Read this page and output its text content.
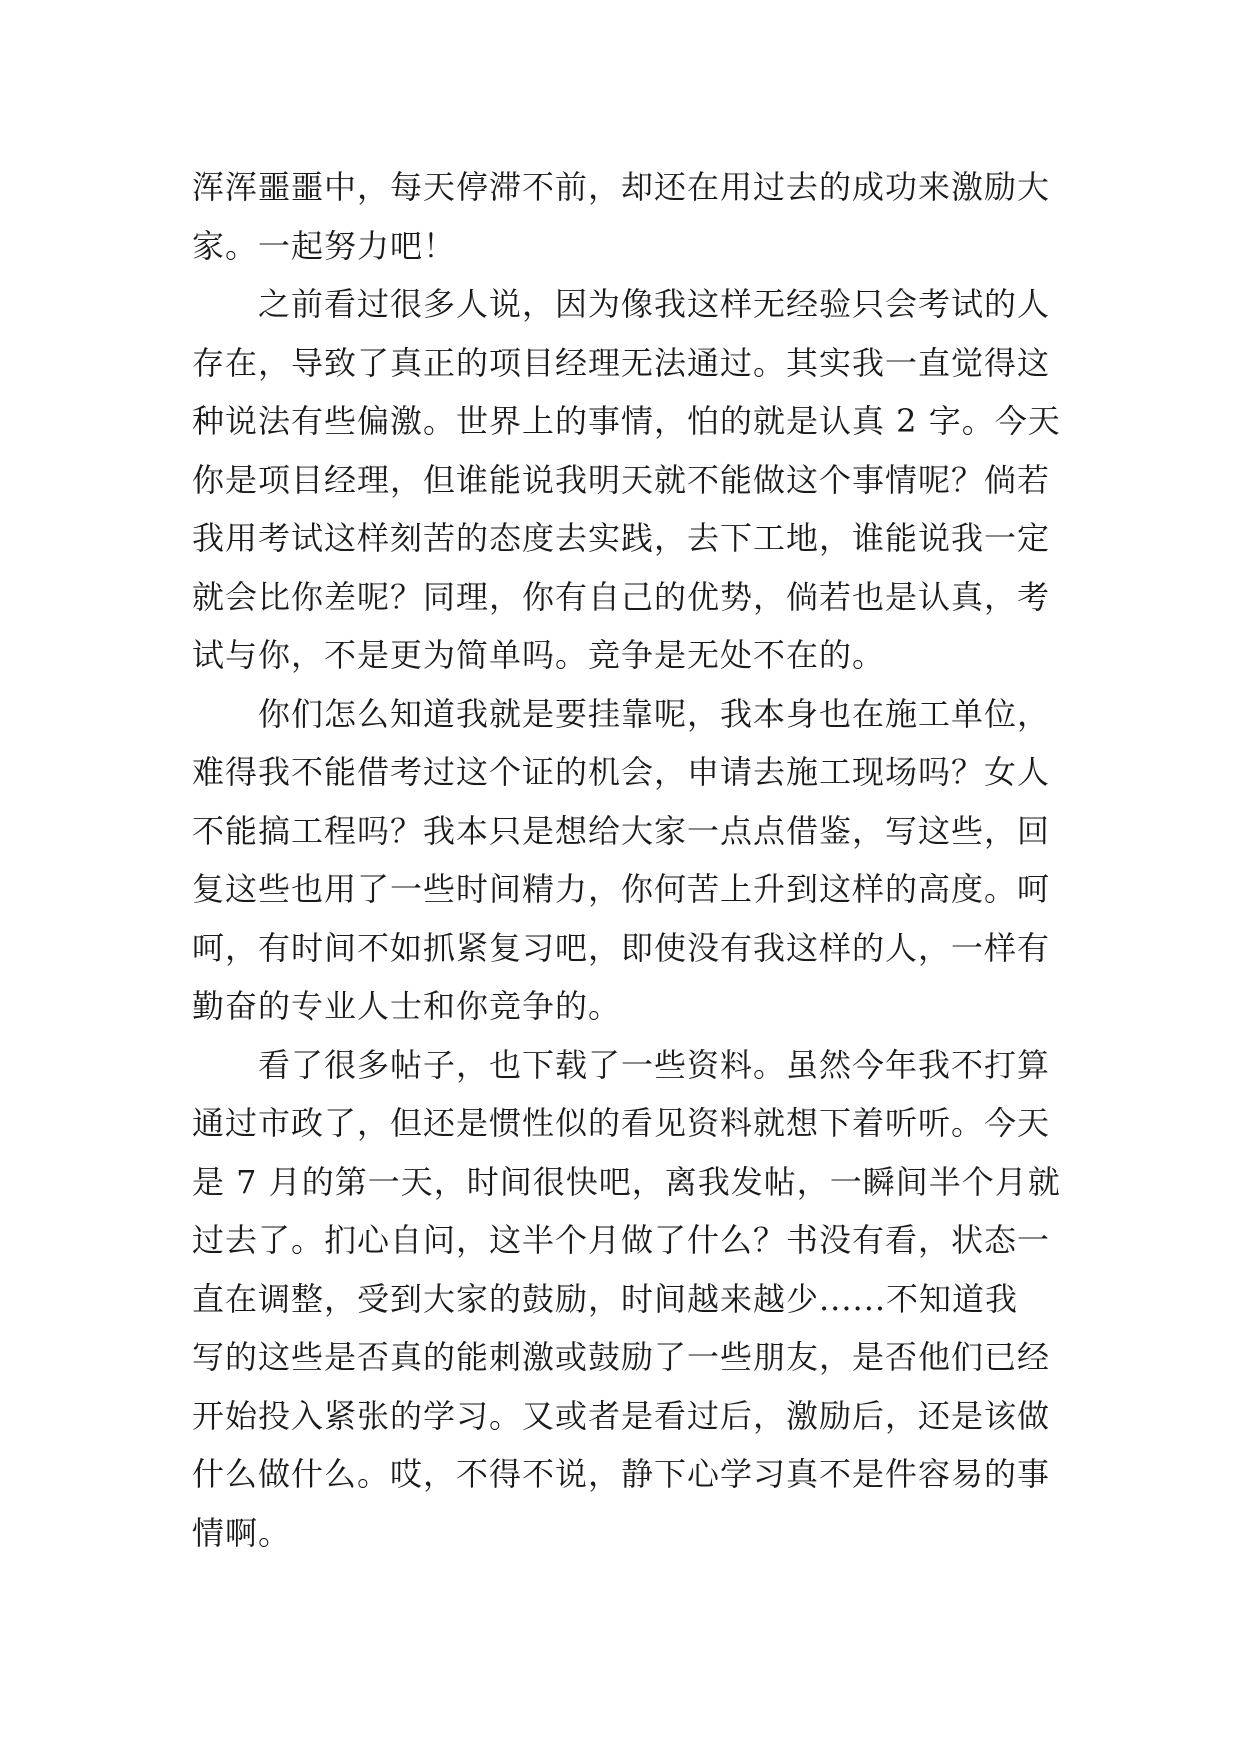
浑浑噩噩中，每天停滞不前，却还在用过去的成功来激励大
家。一起努力吧！
　　之前看过很多人说，因为像我这样无经验只会考试的人
存在，导致了真正的项目经理无法通过。其实我一直觉得这
种说法有些偏激。世界上的事情，怕的就是认真 2 字。今天
你是项目经理，但谁能说我明天就不能做这个事情呢？倘若
我用考试这样刻苦的态度去实践，去下工地，谁能说我一定
就会比你差呢？同理，你有自己的优势，倘若也是认真，考
试与你，不是更为简单吗。竞争是无处不在的。
　　你们怎么知道我就是要挂靠呢，我本身也在施工单位，
难得我不能借考过这个证的机会，申请去施工现场吗？女人
不能搞工程吗？我本只是想给大家一点点借鉴，写这些，回
复这些也用了一些时间精力，你何苦上升到这样的高度。呵
呵，有时间不如抓紧复习吧，即使没有我这样的人，一样有
勤奋的专业人士和你竞争的。
　　看了很多帖子，也下载了一些资料。虽然今年我不打算
通过市政了，但还是惯性似的看见资料就想下着听听。今天
是 7 月的第一天，时间很快吧，离我发帖，一瞬间半个月就
过去了。扪心自问，这半个月做了什么？书没有看，状态一
直在调整，受到大家的鼓励，时间越来越少......不知道我
写的这些是否真的能刺激或鼓励了一些朋友，是否他们已经
开始投入紧张的学习。又或者是看过后，激励后，还是该做
什么做什么。哎，不得不说，静下心学习真不是件容易的事
情啊。
